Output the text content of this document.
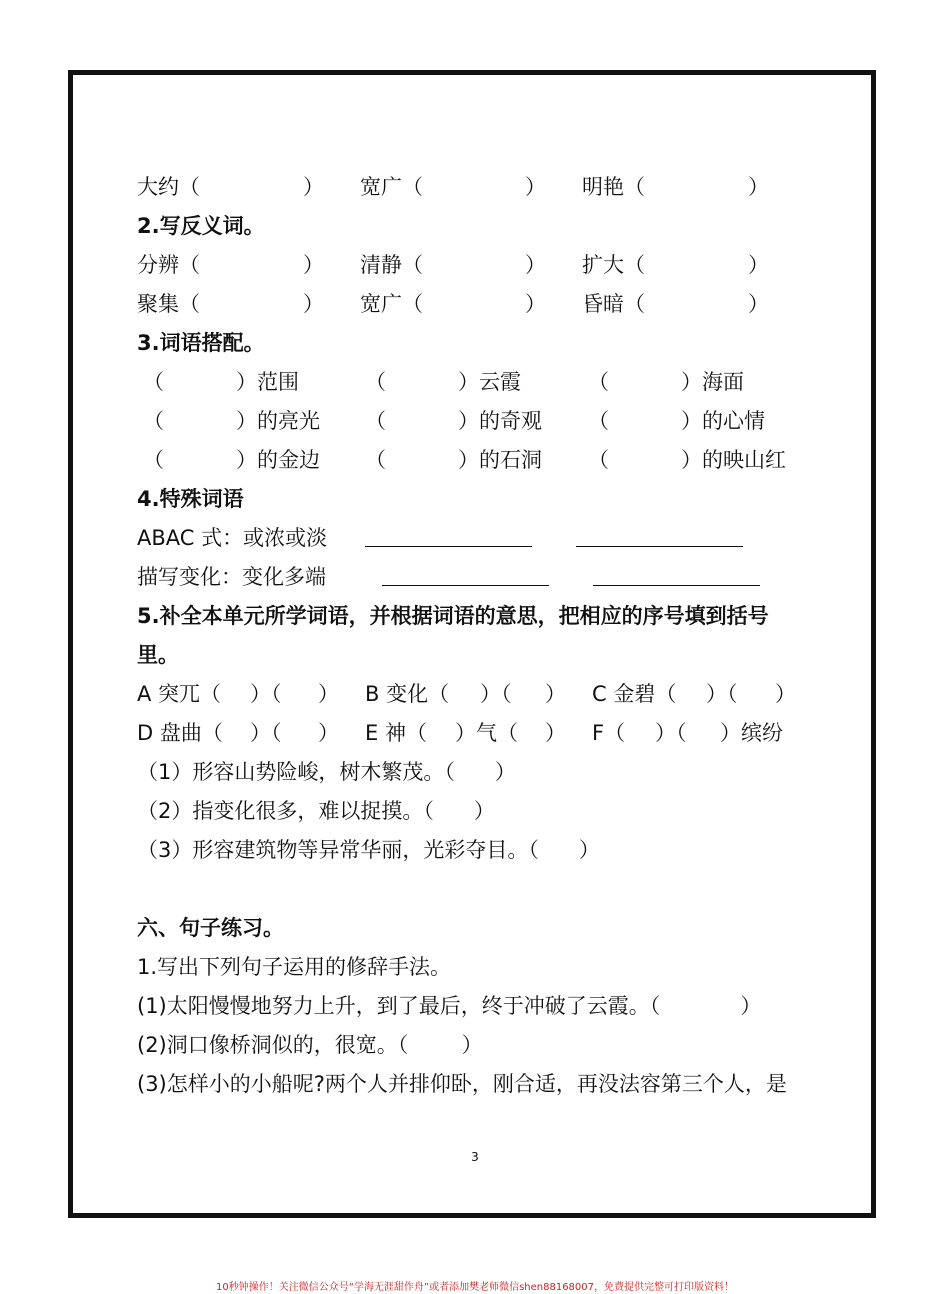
大约（	） 宽广（	） 明艳（	）
2.写反义词。
分辨（	） 清静（	） 扩大（	）
聚集（	） 宽广（	） 昏暗（	）
3.词语搭配。
（	）范围	（	）云霞	（	）海面
（	）的亮光 （	）的奇观 （	）的心情
（	）的金边 （	）的石洞 （	）的映山红
4.特殊词语
ABAC 式：或浓或淡
描写变化：变化多端
5.补全本单元所学词语，并根据词语的意思，把相应的序号填到括号
里。
A 突兀（ ）（ ） B 变化（ ）（ ） C 金碧（ ）（ ）
D 盘曲（ ）（ ） E 神（ ）气（ ） F（ ）（ ）缤纷
（1）形容山势险峻，树木繁茂。（      ）
（2）指变化很多，难以捉摸。（      ）
（3）形容建筑物等异常华丽，光彩夺目。（      ）
六、句子练习。
1.写出下列句子运用的修辞手法。
(1)太阳慢慢地努力上升，到了最后，终于冲破了云霞。（            ）
(2)洞口像桥洞似的，很宽。（        ）
(3)怎样小的小船呢?两个人并排仰卧，刚合适，再没法容第三个人，是
3
10秒钟操作！关注微信公众号“学海无涯甜作舟”或者添加樊老师微信shen88168007，免费提供完整可打印版资料！
